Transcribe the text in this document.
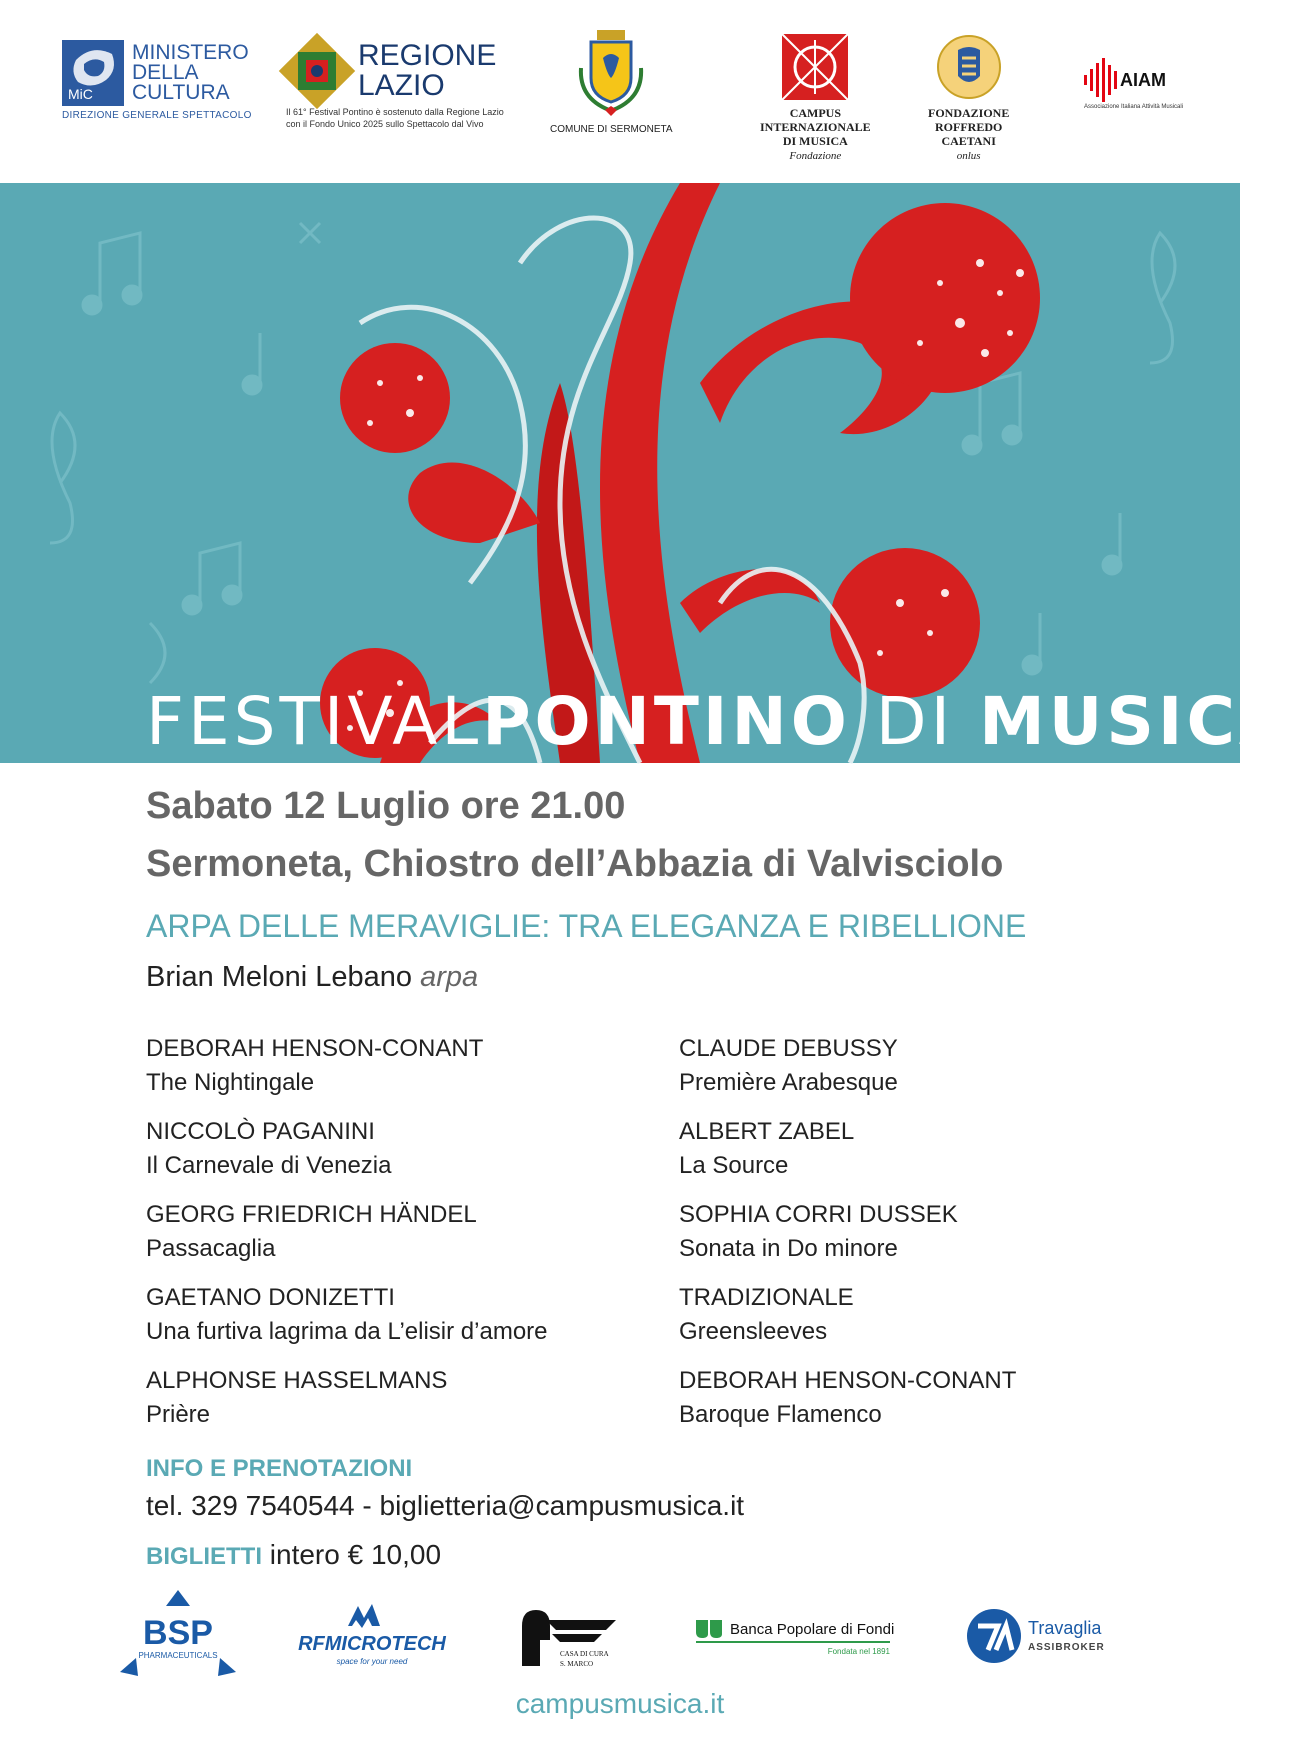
MiC
MINISTERO
DELLA
CULTURA
DIREZIONE GENERALE SPETTACOLO
REGIONE
LAZIO
Il 61° Festival Pontino è sostenuto dalla Regione Lazio con il Fondo Unico 2025 sullo Spettacolo dal Vivo	COMUNE DI SERMONETA
CAMPUS
INTERNAZIONALE
DI MUSICA
Fondazione
FONDAZIONE
ROFFREDO
CAETANI
onlus
AIAM
Associazione Italiana Attività Musicali
FESTIVALPONTINO DI MUSICA
Sabato 12 Luglio ore 21.00
Sermoneta, Chiostro dell’Abbazia di Valvisciolo
ARPA DELLE MERAVIGLIE: TRA ELEGANZA E RIBELLIONE
Brian Meloni Lebano arpa
DEBORAH HENSON-CONANT
The Nightingale
NICCOLÒ PAGANINI
Il Carnevale di Venezia
GEORG FRIEDRICH HÄNDEL
Passacaglia
GAETANO DONIZETTI
Una furtiva lagrima da L’elisir d’amore
ALPHONSE HASSELMANS
Prière
CLAUDE DEBUSSY
Première Arabesque
ALBERT ZABEL
La Source
SOPHIA CORRI DUSSEK
Sonata in Do minore
TRADIZIONALE
Greensleeves
DEBORAH HENSON-CONANT
Baroque Flamenco
INFO E PRENOTAZIONI
tel. 329 7540544 - biglietteria@campusmusica.it
BIGLIETTI intero € 10,00
BSP
PHARMACEUTICALS
RFMICROTECH
space for your need
CASA DI CURA
S. MARCO
Banca Popolare di Fondi
Fondata nel 1891
Travaglia
ASSIBROKER
campusmusica.it
